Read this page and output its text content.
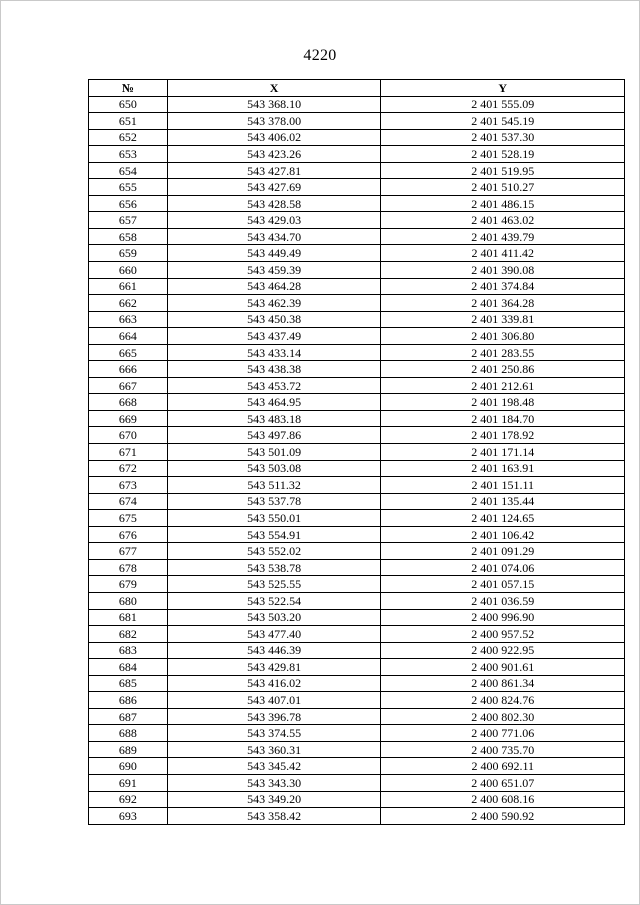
4220
№	X	Y
650	543 368.10	2 401 555.09
651	543 378.00	2 401 545.19
652	543 406.02	2 401 537.30
653	543 423.26	2 401 528.19
654	543 427.81	2 401 519.95
655	543 427.69	2 401 510.27
656	543 428.58	2 401 486.15
657	543 429.03	2 401 463.02
658	543 434.70	2 401 439.79
659	543 449.49	2 401 411.42
660	543 459.39	2 401 390.08
661	543 464.28	2 401 374.84
662	543 462.39	2 401 364.28
663	543 450.38	2 401 339.81
664	543 437.49	2 401 306.80
665	543 433.14	2 401 283.55
666	543 438.38	2 401 250.86
667	543 453.72	2 401 212.61
668	543 464.95	2 401 198.48
669	543 483.18	2 401 184.70
670	543 497.86	2 401 178.92
671	543 501.09	2 401 171.14
672	543 503.08	2 401 163.91
673	543 511.32	2 401 151.11
674	543 537.78	2 401 135.44
675	543 550.01	2 401 124.65
676	543 554.91	2 401 106.42
677	543 552.02	2 401 091.29
678	543 538.78	2 401 074.06
679	543 525.55	2 401 057.15
680	543 522.54	2 401 036.59
681	543 503.20	2 400 996.90
682	543 477.40	2 400 957.52
683	543 446.39	2 400 922.95
684	543 429.81	2 400 901.61
685	543 416.02	2 400 861.34
686	543 407.01	2 400 824.76
687	543 396.78	2 400 802.30
688	543 374.55	2 400 771.06
689	543 360.31	2 400 735.70
690	543 345.42	2 400 692.11
691	543 343.30	2 400 651.07
692	543 349.20	2 400 608.16
693	543 358.42	2 400 590.92
